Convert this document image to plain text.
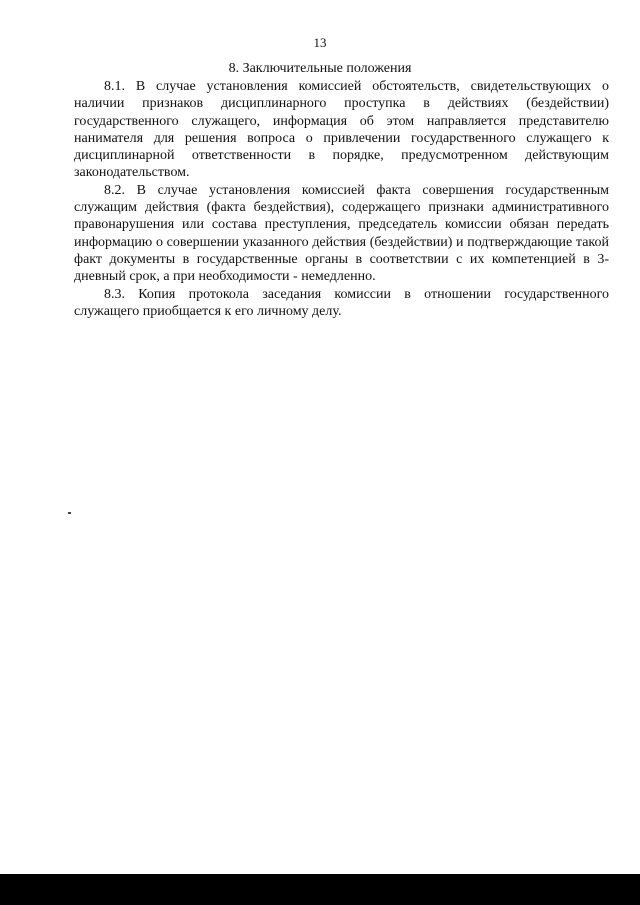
13
8. Заключительные положения

8.1. В случае установления комиссией обстоятельств, свидетельствующих о наличии признаков дисциплинарного проступка в действиях (бездействии) государственного служащего, информация об этом направляется представителю нанимателя для решения вопроса о привлечении государственного служащего к дисциплинарной ответственности в порядке, предусмотренном действующим законодательством.

8.2. В случае установления комиссией факта совершения государственным служащим действия (факта бездействия), содержащего признаки административного правонарушения или состава преступления, председатель комиссии обязан передать информацию о совершении указанного действия (бездействии) и подтверждающие такой факт документы в государственные органы в соответствии с их компетенцией в 3-дневный срок, а при необходимости - немедленно.

8.3. Копия протокола заседания комиссии в отношении государственного служащего приобщается к его личному делу.
